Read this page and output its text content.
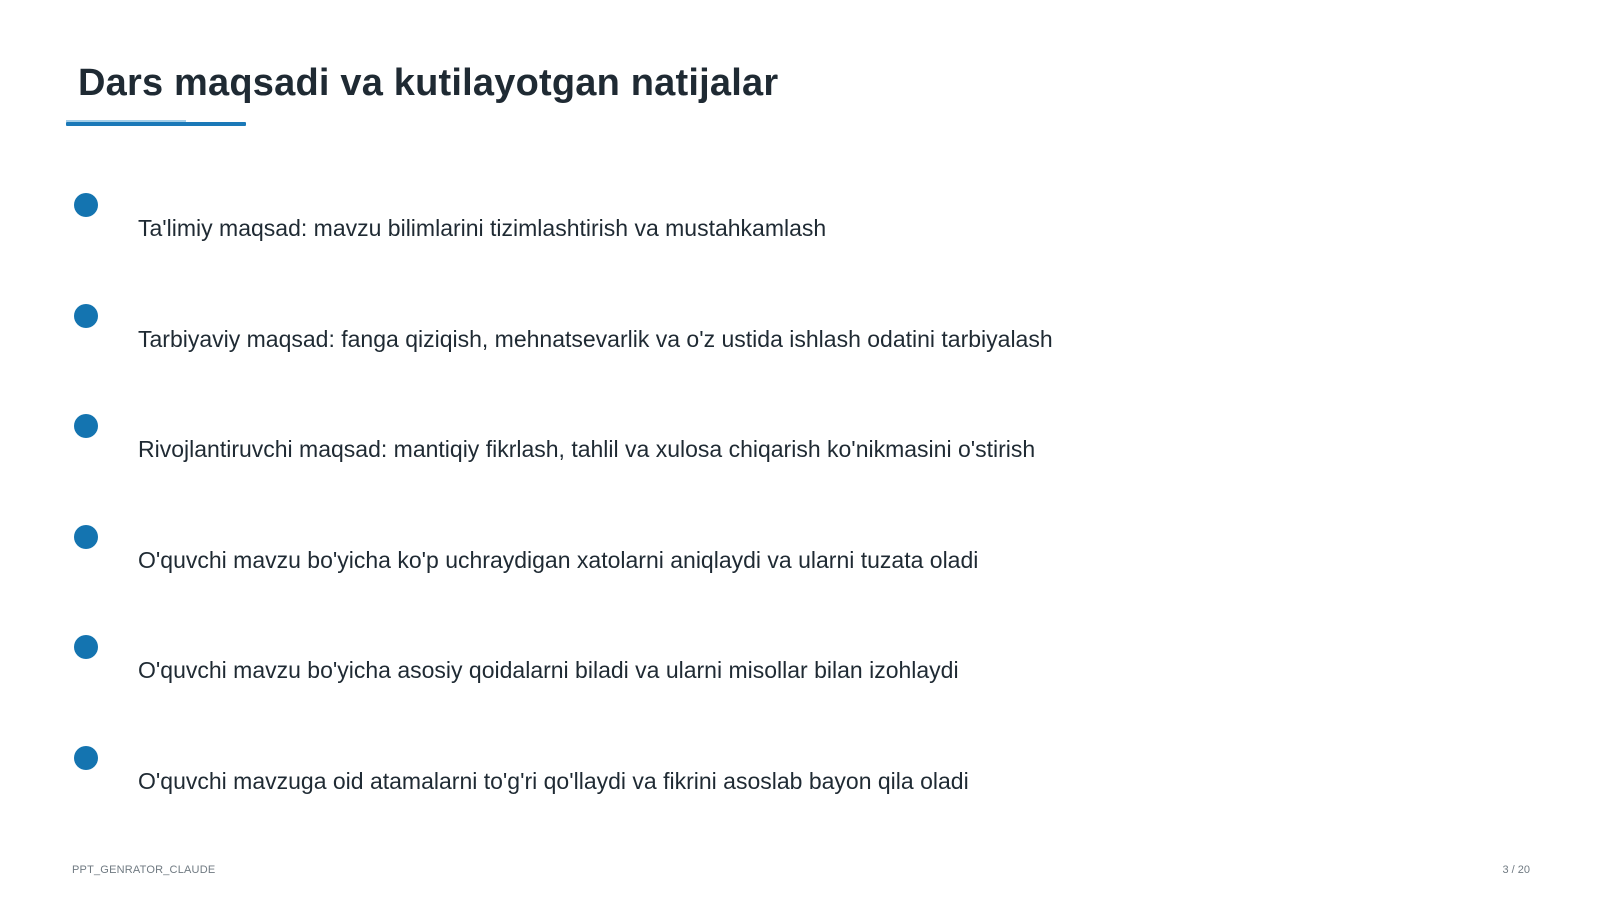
Dars maqsadi va kutilayotgan natijalar
Ta'limiy maqsad: mavzu bilimlarini tizimlashtirish va mustahkamlash
Tarbiyaviy maqsad: fanga qiziqish, mehnatsevarlik va o'z ustida ishlash odatini tarbiyalash
Rivojlantiruvchi maqsad: mantiqiy fikrlash, tahlil va xulosa chiqarish ko'nikmasini o'stirish
O'quvchi mavzu bo'yicha ko'p uchraydigan xatolarni aniqlaydi va ularni tuzata oladi
O'quvchi mavzu bo'yicha asosiy qoidalarni biladi va ularni misollar bilan izohlaydi
O'quvchi mavzuga oid atamalarni to'g'ri qo'llaydi va fikrini asoslab bayon qila oladi
PPT_GENRATOR_CLAUDE	3 / 20
